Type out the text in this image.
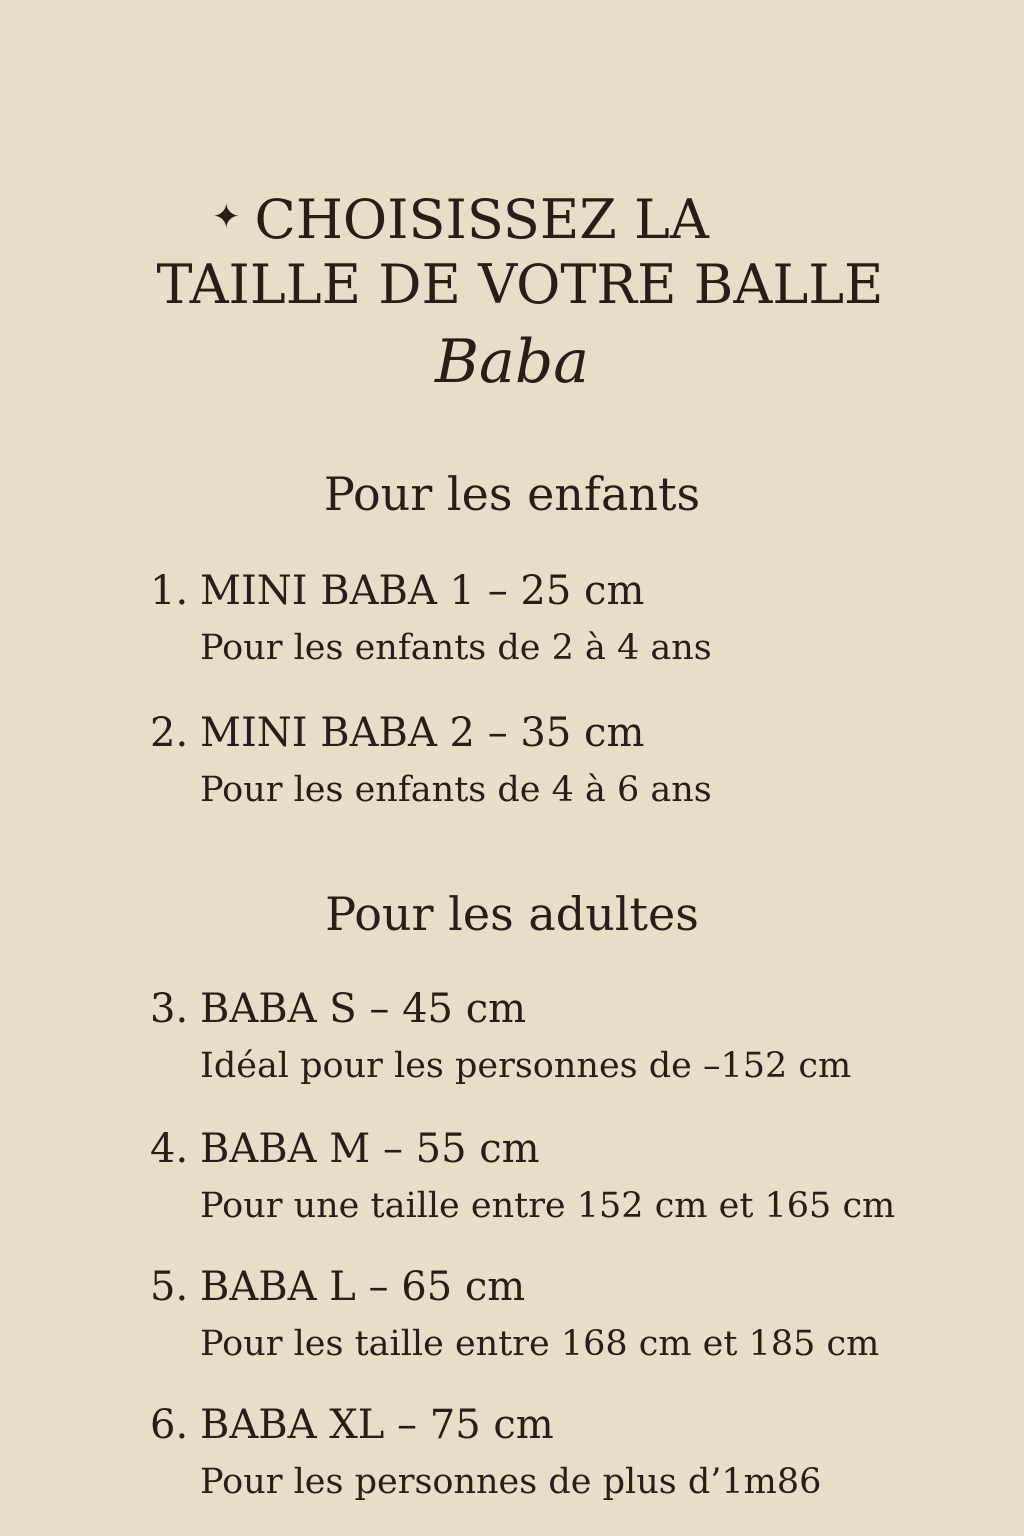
✦ CHOISISSEZ LA
TAILLE DE VOTRE BALLE
Baba
Pour les enfants
1. MINI BABA 1 – 25 cm
Pour les enfants de 2 à 4 ans
2. MINI BABA 2 – 35 cm
Pour les enfants de 4 à 6 ans
Pour les adultes
3. BABA S – 45 cm
Idéal pour les personnes de –152 cm
4. BABA M – 55 cm
Pour une taille entre 152 cm et 165 cm
5. BABA L – 65 cm
Pour les taille entre 168 cm et 185 cm
6. BABA XL – 75 cm
Pour les personnes de plus d’1m86
